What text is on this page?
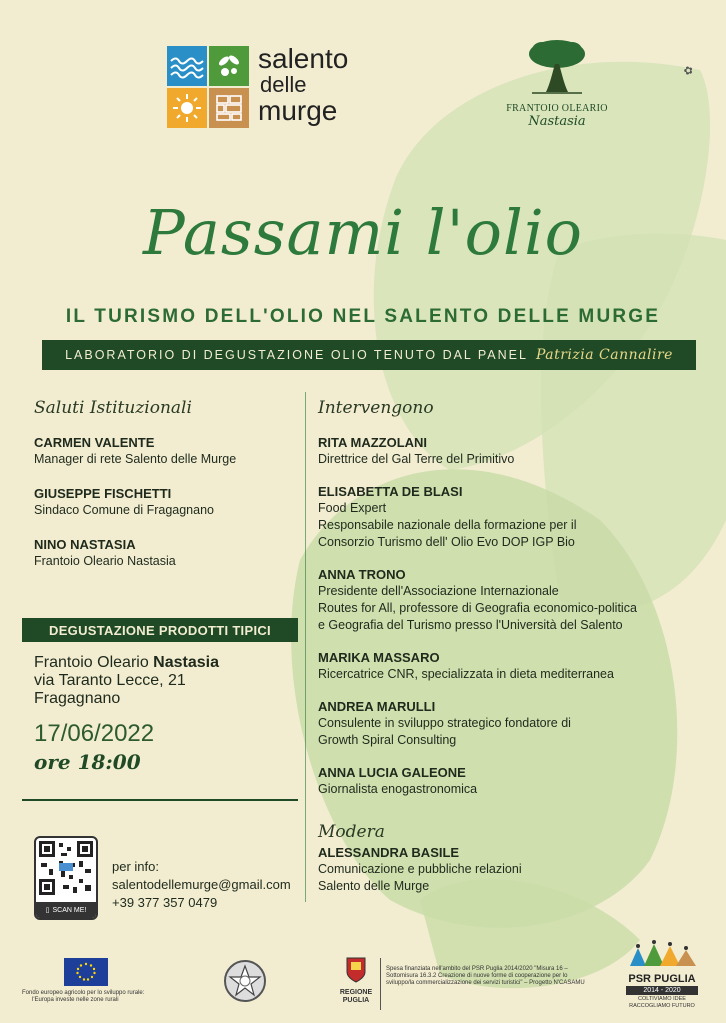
salento
delle
murge	FRANTOIO OLEARIO
Nastasia
✿
Passami l'olio
IL TURISMO DELL'OLIO NEL SALENTO DELLE MURGE
LABORATORIO DI DEGUSTAZIONE OLIO TENUTO DAL PANEL Patrizia Cannalire
Saluti Istituzionali
CARMEN VALENTE
Manager di rete Salento delle Murge
GIUSEPPE FISCHETTI
Sindaco Comune di Fragagnano
NINO NASTASIA
Frantoio Oleario Nastasia
Intervengono
RITA MAZZOLANI
Direttrice del Gal Terre del Primitivo
ELISABETTA DE BLASI
Food Expert
Responsabile nazionale della formazione per il
Consorzio Turismo dell' Olio Evo DOP IGP Bio
ANNA TRONO
Presidente dell'Associazione Internazionale
Routes for All, professore di Geografia economico-politica
e Geografia del Turismo presso l'Università del Salento
MARIKA MASSARO
Ricercatrice CNR, specializzata in dieta mediterranea
ANDREA MARULLI
Consulente in sviluppo strategico fondatore di
Growth Spiral Consulting
ANNA LUCIA GALEONE
Giornalista enogastronomica
Modera
ALESSANDRA BASILE
Comunicazione e pubbliche relazioni
Salento delle Murge
DEGUSTAZIONE PRODOTTI TIPICI
Frantoio Oleario Nastasia
via Taranto Lecce, 21
Fragagnano
17/06/2022
ore 18:00
▯ SCAN ME!
per info:
salentodellemurge@gmail.com
+39 377 357 0479
Fondo europeo agricolo per lo sviluppo rurale:
l'Europa investe nelle zone rurali
REGIONE
PUGLIA
Spesa finanziata nell'ambito del PSR Puglia 2014/2020 "Misura 16 – Sottomisura 16.3.2 Creazione di nuove forme di cooperazione per lo sviluppo/la commercializzazione dei servizi turistici" – Progetto N'CASAMU	PSR PUGLIA
2014 - 2020
COLTIVIAMO IDEE
RACCOGLIAMO FUTURO
